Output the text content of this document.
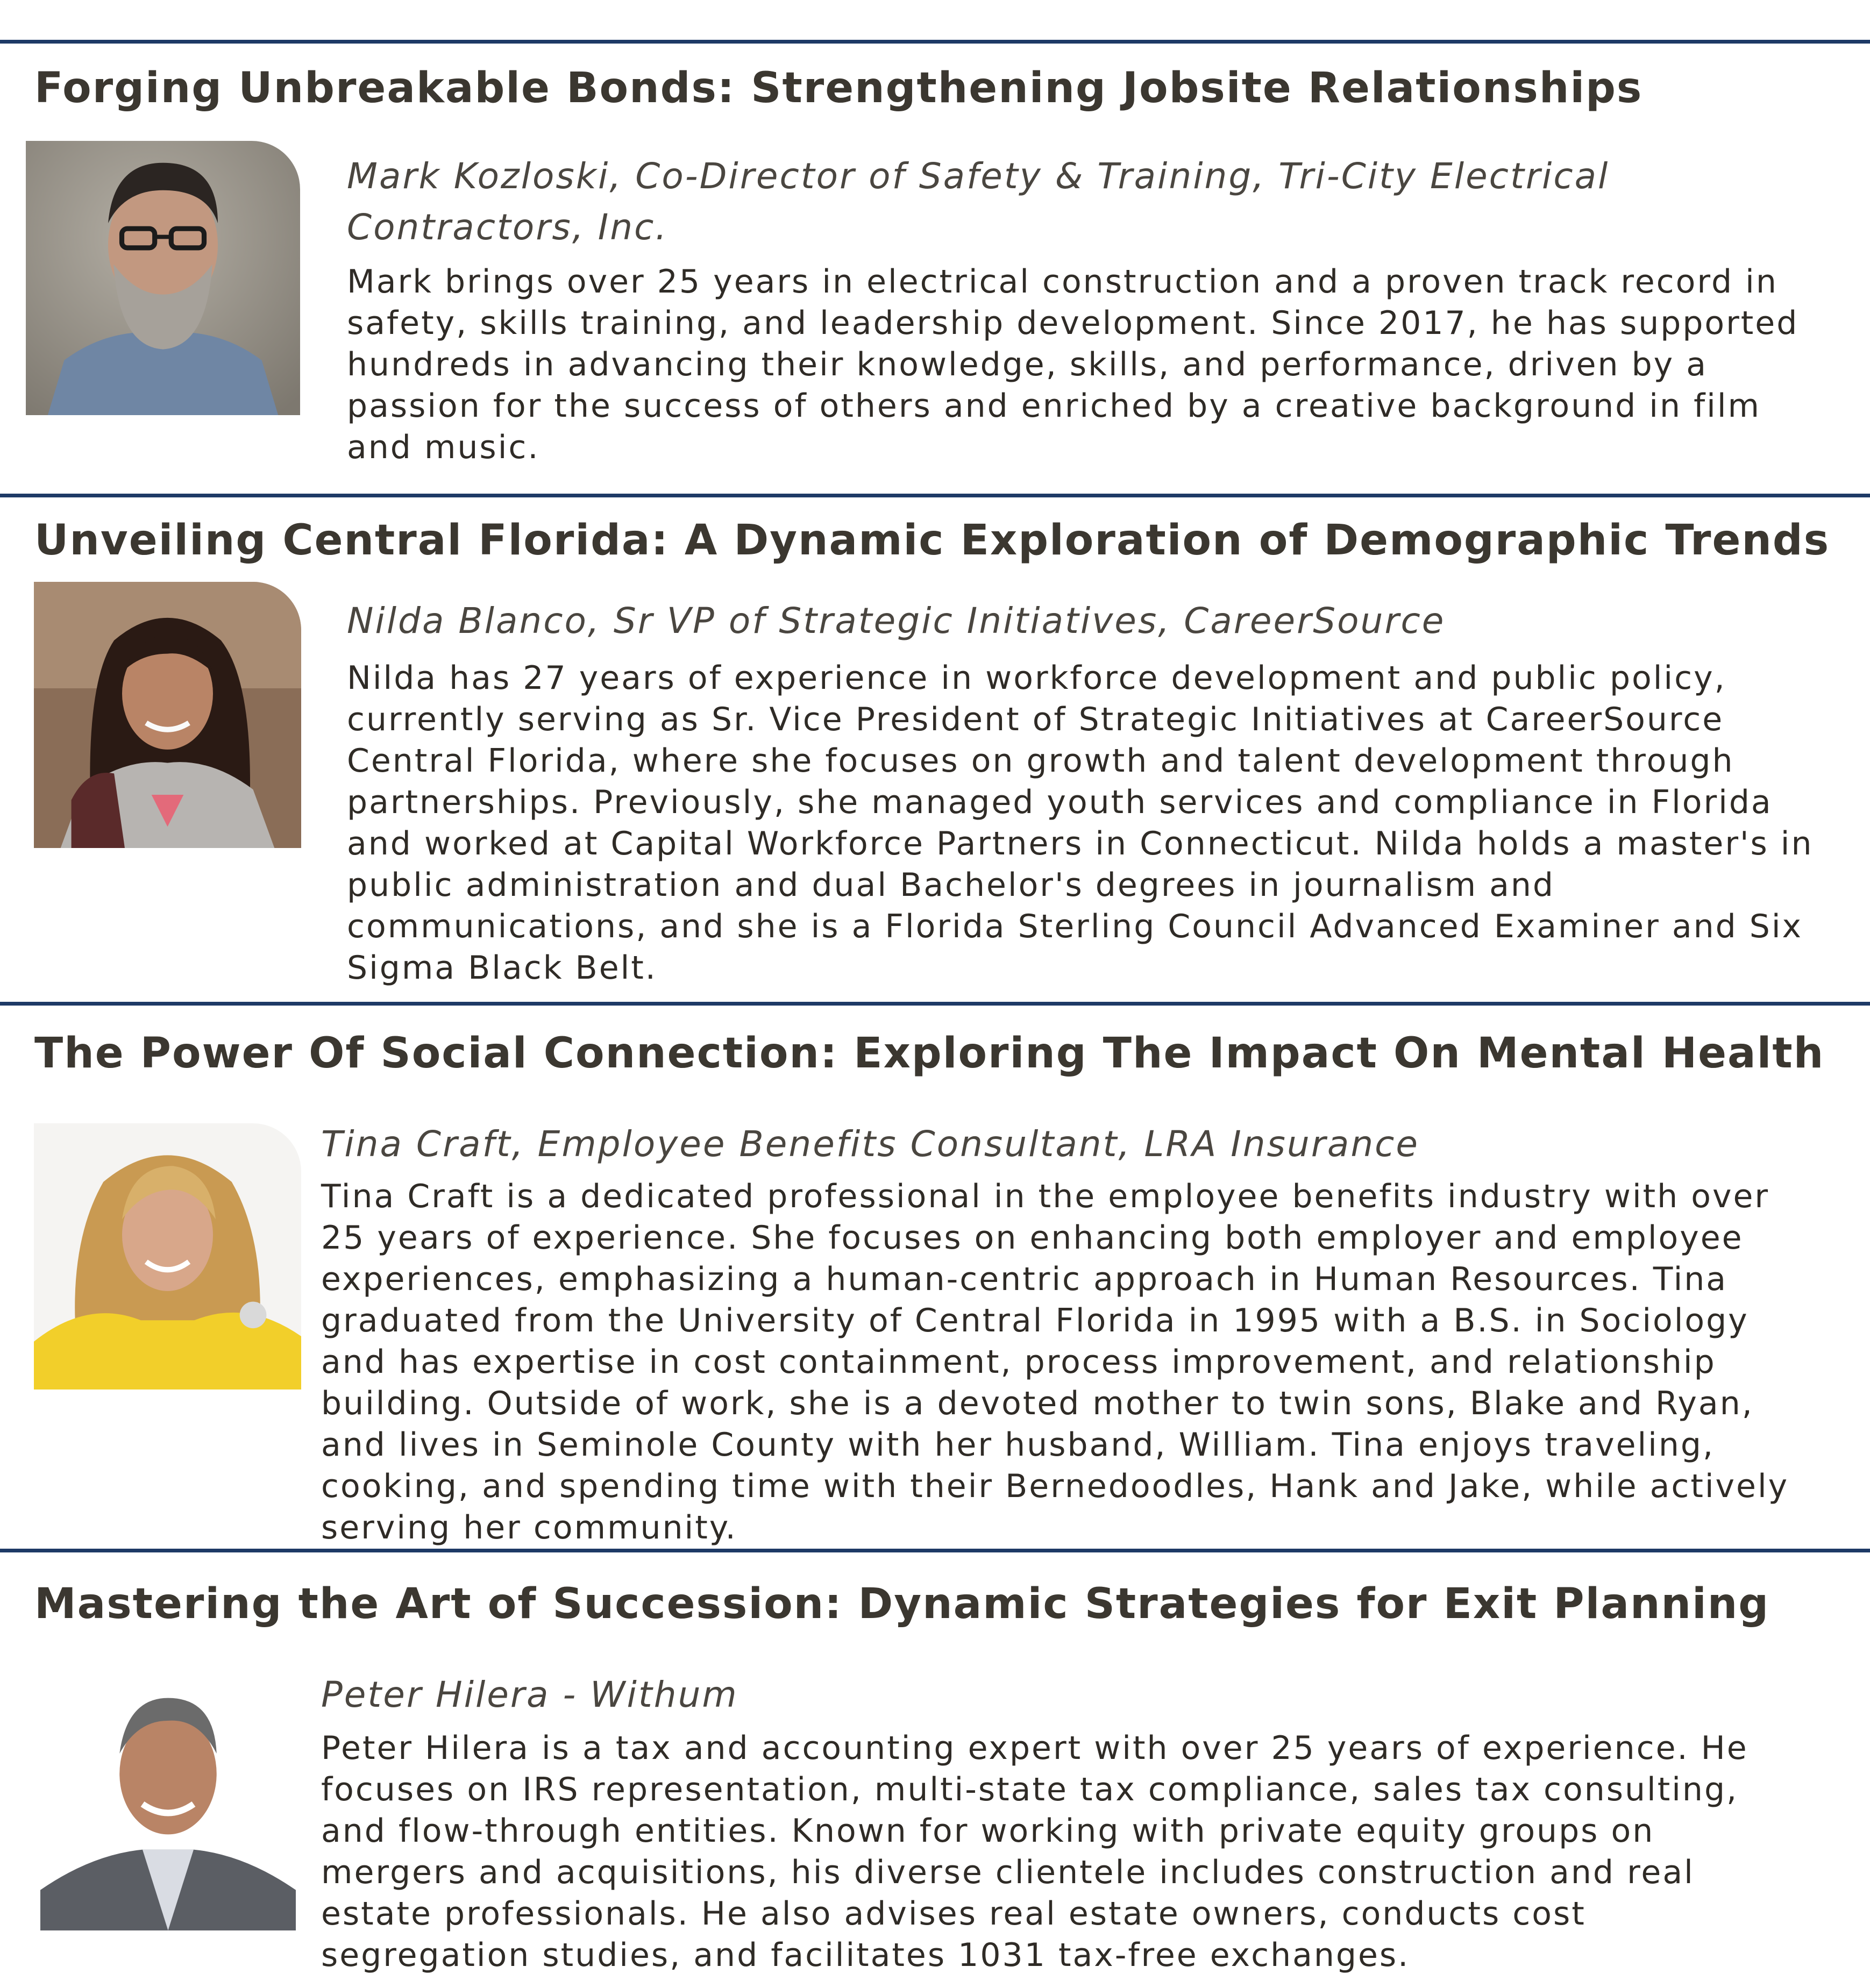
Forging Unbreakable Bonds: Strengthening Jobsite Relationships

Mark Kozloski, Co-Director of Safety & Training, Tri-City Electrical Contractors, Inc.

Mark brings over 25 years in electrical construction and a proven track record in safety, skills training, and leadership development. Since 2017, he has supported hundreds in advancing their knowledge, skills, and performance, driven by a passion for the success of others and enriched by a creative background in film and music.

Unveiling Central Florida: A Dynamic Exploration of Demographic Trends

Nilda Blanco, Sr VP of Strategic Initiatives, CareerSource

Nilda has 27 years of experience in workforce development and public policy, currently serving as Sr. Vice President of Strategic Initiatives at CareerSource Central Florida, where she focuses on growth and talent development through partnerships. Previously, she managed youth services and compliance in Florida and worked at Capital Workforce Partners in Connecticut. Nilda holds a master's in public administration and dual Bachelor's degrees in journalism and communications, and she is a Florida Sterling Council Advanced Examiner and Six Sigma Black Belt.

The Power Of Social Connection: Exploring The Impact On Mental Health

Tina Craft, Employee Benefits Consultant, LRA Insurance

Tina Craft is a dedicated professional in the employee benefits industry with over 25 years of experience. She focuses on enhancing both employer and employee experiences, emphasizing a human-centric approach in Human Resources. Tina graduated from the University of Central Florida in 1995 with a B.S. in Sociology and has expertise in cost containment, process improvement, and relationship building. Outside of work, she is a devoted mother to twin sons, Blake and Ryan, and lives in Seminole County with her husband, William. Tina enjoys traveling, cooking, and spending time with their Bernedoodles, Hank and Jake, while actively serving her community.

Mastering the Art of Succession: Dynamic Strategies for Exit Planning

Peter Hilera - Withum

Peter Hilera is a tax and accounting expert with over 25 years of experience. He focuses on IRS representation, multi-state tax compliance, sales tax consulting, and flow-through entities. Known for working with private equity groups on mergers and acquisitions, his diverse clientele includes construction and real estate professionals. He also advises real estate owners, conducts cost segregation studies, and facilitates 1031 tax-free exchanges.
